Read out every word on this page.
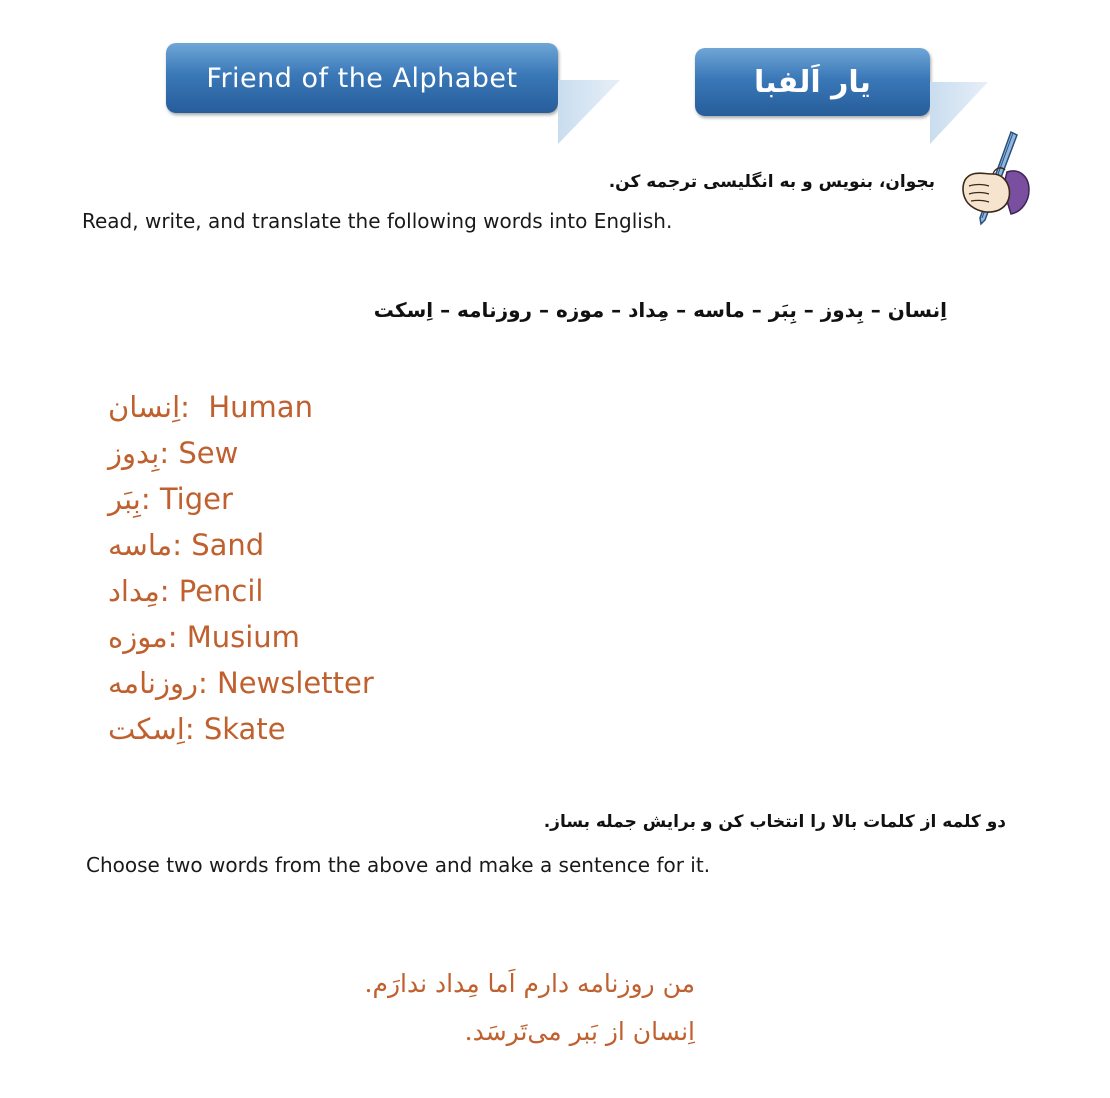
Friend of the Alphabet	یار اَلفبا
بجوان، بنویس و به انگلیسی ترجمه کن.
Read, write, and translate the following words into English.
اِنسان – بِدوز – بِبَر – ماسه – مِداد – موزه – روزنامه – اِسکت
اِنسان:  Human
بِدوز: Sew
بِبَر: Tiger
ماسه: Sand
مِداد: Pencil
موزه: Musium
روزنامه: Newsletter
اِسکت: Skate
دو کلمه از کلمات بالا را انتخاب کن و برایش جمله بساز.
Choose two words from the above and make a sentence for it.
من روزنامه دارم اَما مِداد ندارَم.
اِنسان از بَبر می‌تَرسَد.
